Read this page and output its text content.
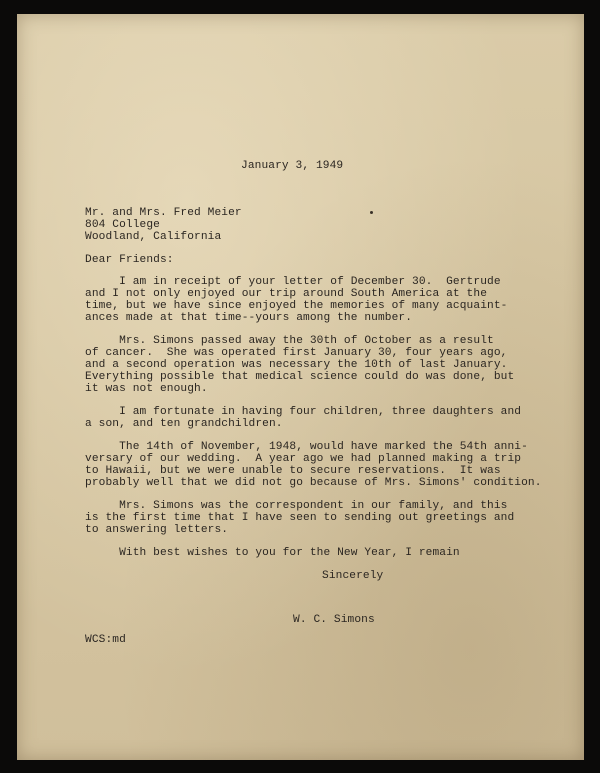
January 3, 1949
Mr. and Mrs. Fred Meier
804 College
Woodland, California
Dear Friends:
I am in receipt of your letter of December 30.  Gertrude
and I not only enjoyed our trip around South America at the
time, but we have since enjoyed the memories of many acquaint-
ances made at that time--yours among the number.
Mrs. Simons passed away the 30th of October as a result
of cancer.  She was operated first January 30, four years ago,
and a second operation was necessary the 10th of last January.
Everything possible that medical science could do was done, but
it was not enough.
I am fortunate in having four children, three daughters and
a son, and ten grandchildren.
The 14th of November, 1948, would have marked the 54th anni-
versary of our wedding.  A year ago we had planned making a trip
to Hawaii, but we were unable to secure reservations.  It was
probably well that we did not go because of Mrs. Simons' condition.
Mrs. Simons was the correspondent in our family, and this
is the first time that I have seen to sending out greetings and
to answering letters.
With best wishes to you for the New Year, I remain
Sincerely
W. C. Simons
WCS:md
